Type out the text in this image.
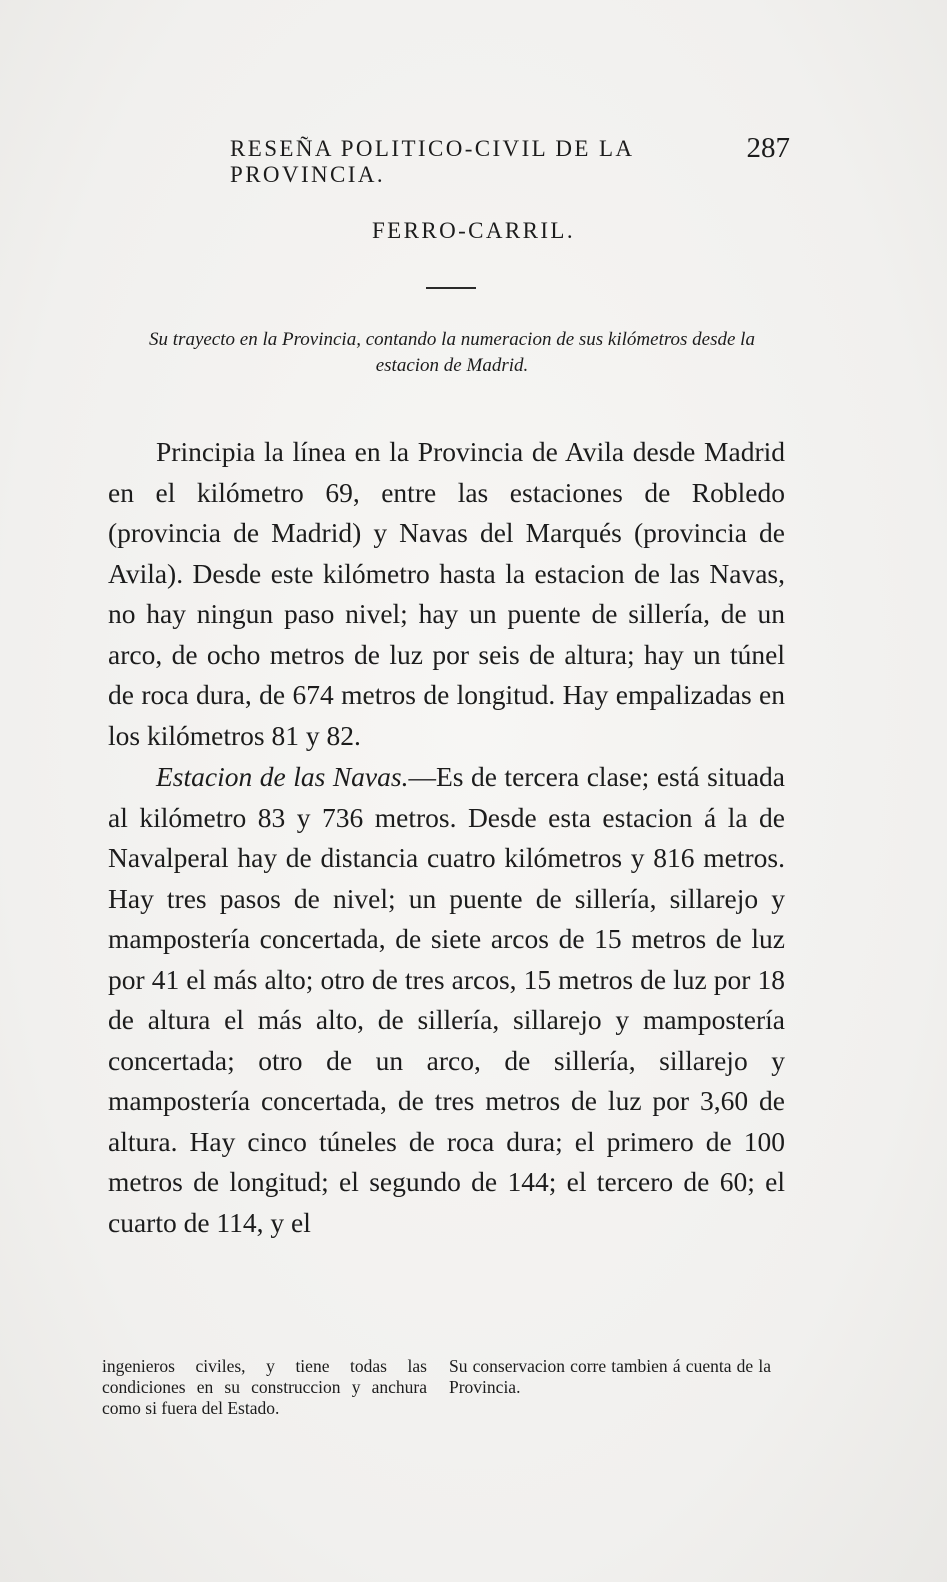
RESEÑA POLITICO-CIVIL DE LA PROVINCIA.
287
FERRO-CARRIL.
Su trayecto en la Provincia, contando la numeracion de sus kilómetros desde la estacion de Madrid.

Principia la línea en la Provincia de Avila desde Madrid en el kilómetro 69, entre las estaciones de Robledo (provincia de Madrid) y Navas del Marqués (provincia de Avila). Desde este kilómetro hasta la estacion de las Navas, no hay ningun paso nivel; hay un puente de sillería, de un arco, de ocho metros de luz por seis de altura; hay un túnel de roca dura, de 674 metros de longitud. Hay empalizadas en los kilómetros 81 y 82.

Estacion de las Navas.—Es de tercera clase; está situada al kilómetro 83 y 736 metros. Desde esta estacion á la de Navalperal hay de distancia cuatro kilómetros y 816 metros. Hay tres pasos de nivel; un puente de sillería, sillarejo y mampostería concertada, de siete arcos de 15 metros de luz por 41 el más alto; otro de tres arcos, 15 metros de luz por 18 de altura el más alto, de sillería, sillarejo y mampostería concertada; otro de un arco, de sillería, sillarejo y mampostería concertada, de tres metros de luz por 3,60 de altura. Hay cinco túneles de roca dura; el primero de 100 metros de longitud; el segundo de 144; el tercero de 60; el cuarto de 114, y el

ingenieros civiles, y tiene todas las condiciones en su construccion y anchura como si fuera del Estado.
Su conservacion corre tambien á cuenta de la Provincia.
